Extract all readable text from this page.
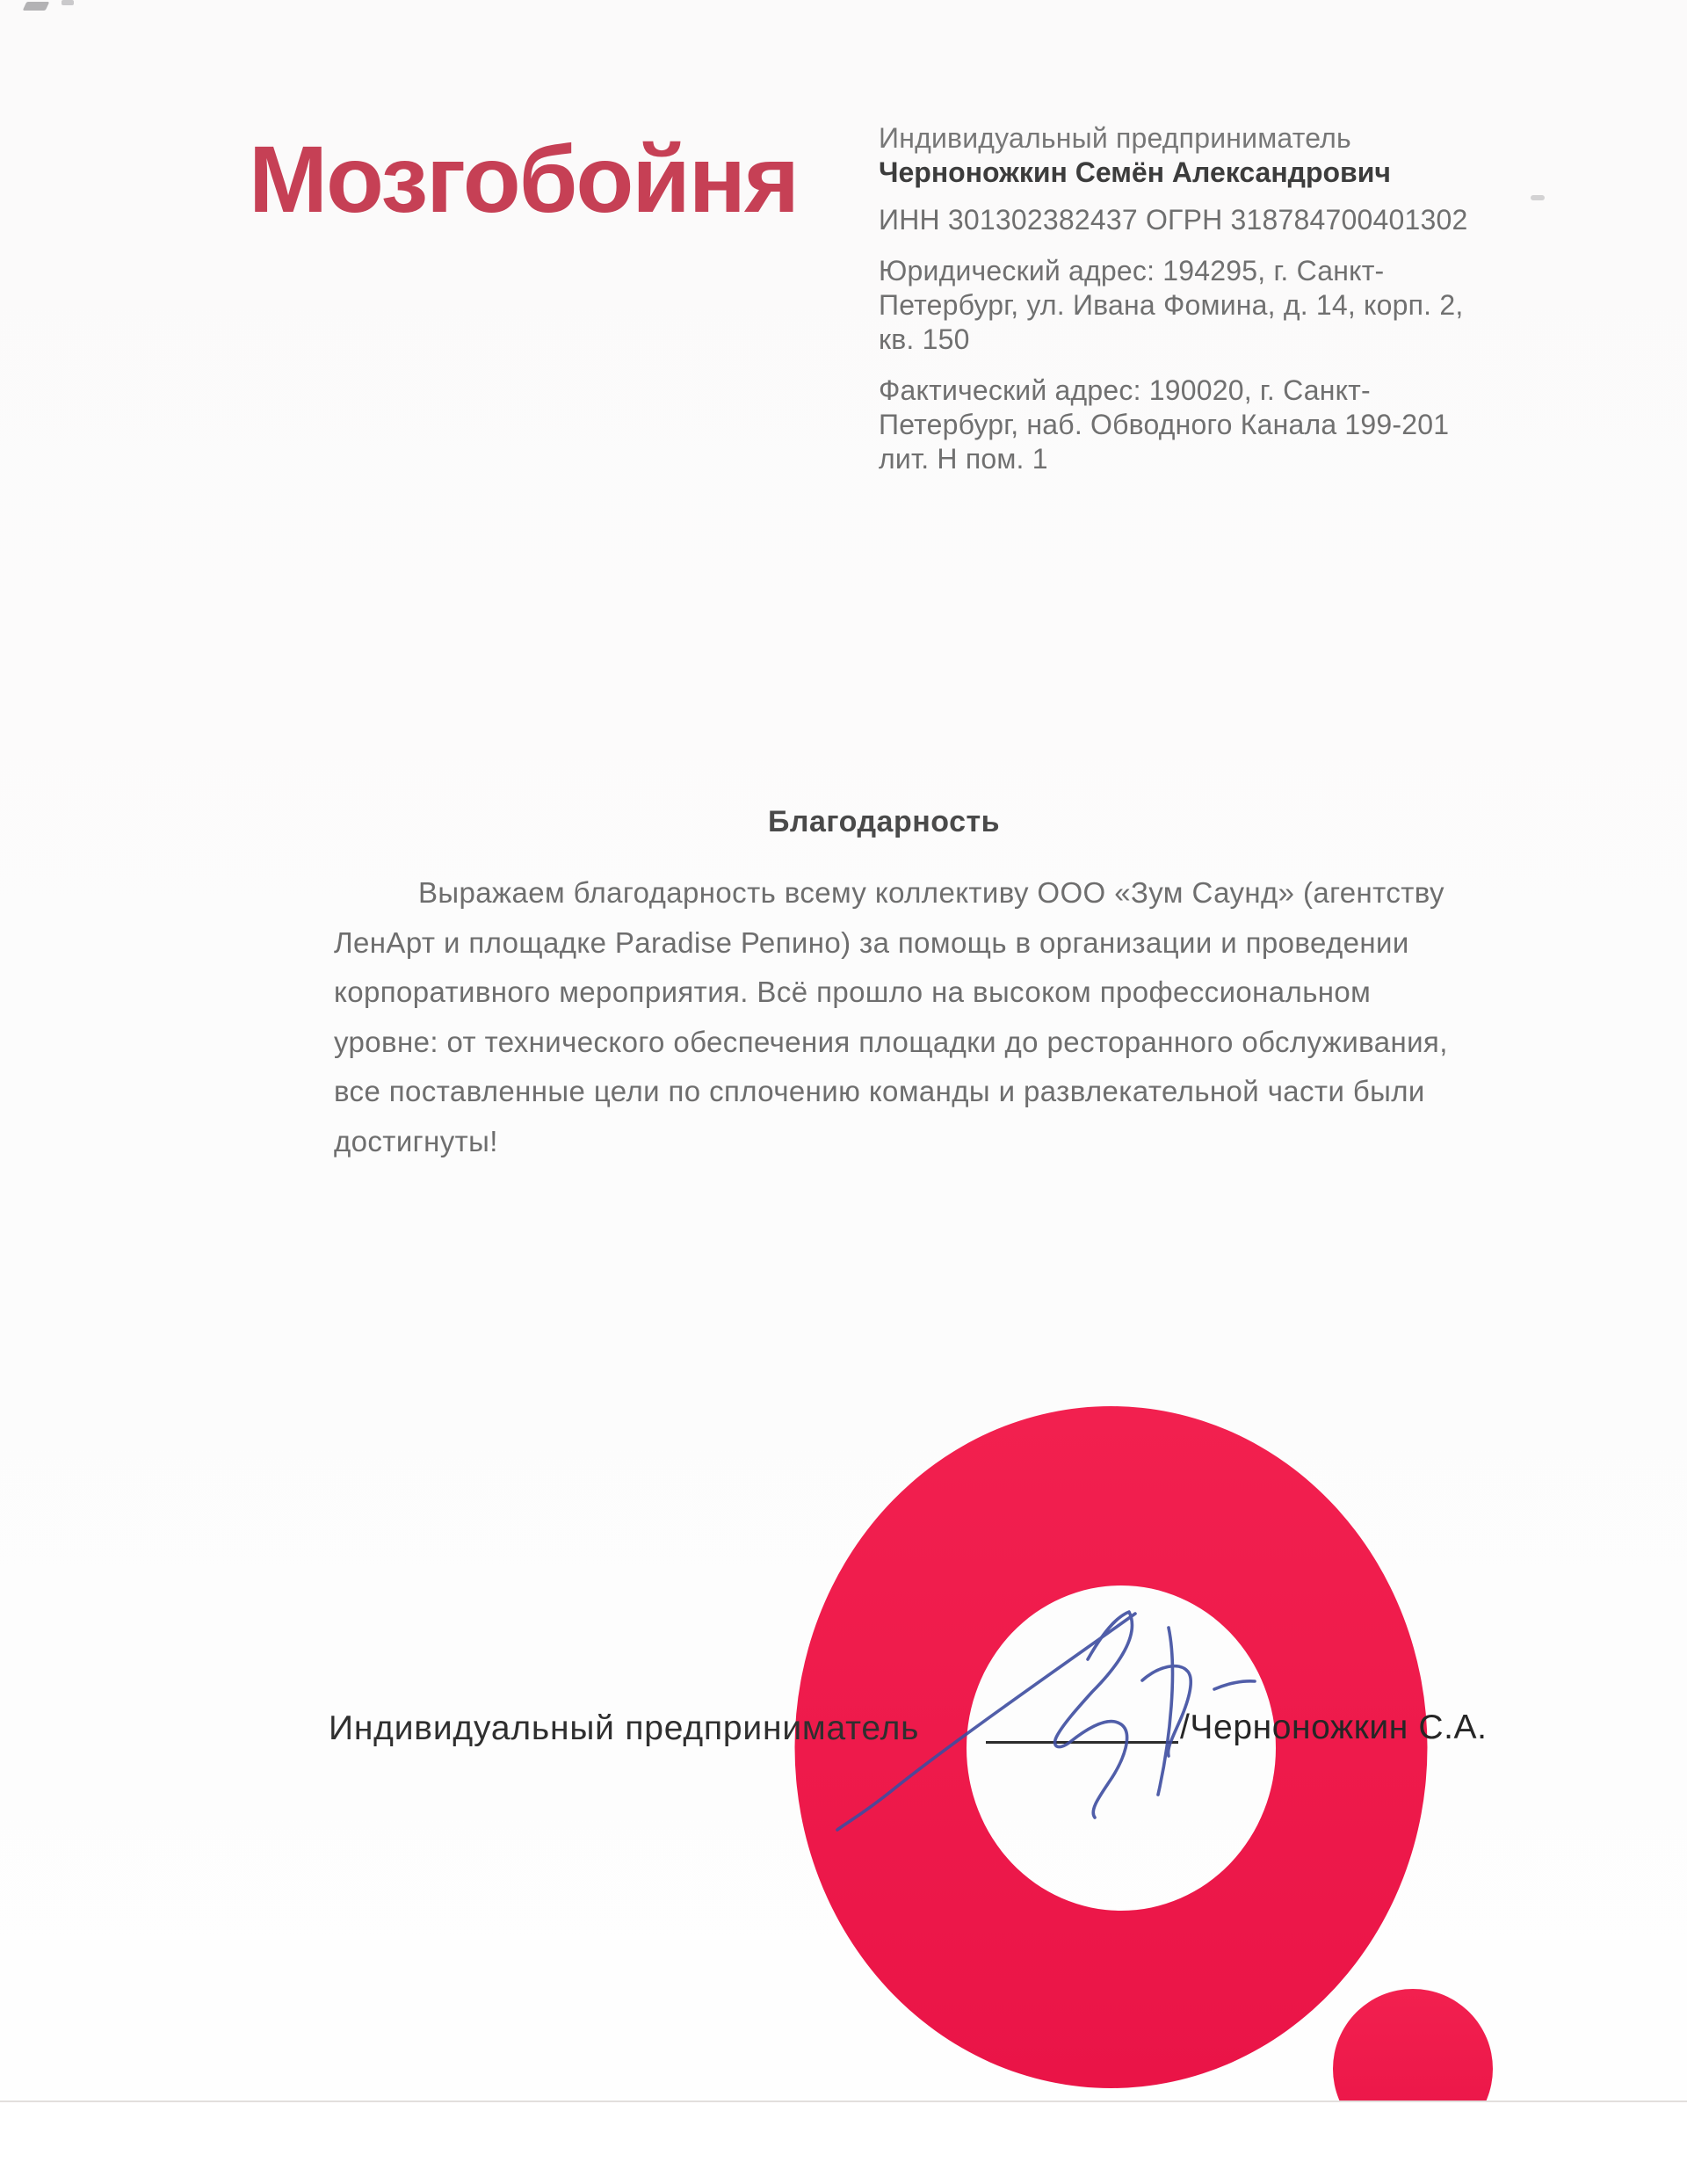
Мозгобойня	Индивидуальный предприниматель

Черноножкин Семён Александрович

ИНН 301302382437 ОГРН 318784700401302

Юридический адрес: 194295, г. Санкт-Петербург, ул. Ивана Фомина, д. 14, корп. 2, кв. 150

Фактический адрес: 190020, г. Санкт-Петербург, наб. Обводного Канала 199-201 лит. Н пом. 1

Благодарность
Выражаем благодарность всему коллективу ООО «Зум Саунд» (агентству
ЛенАрт и площадке Paradise Репино) за помощь в организации и проведении
корпоративного мероприятия. Всё прошло на высоком профессиональном
уровне: от технического обеспечения площадки до ресторанного обслуживания,
все поставленные цели по сплочению команды и развлекательной части были
достигнуты!
Индивидуальный предприниматель	/Черноножкин С.А.
